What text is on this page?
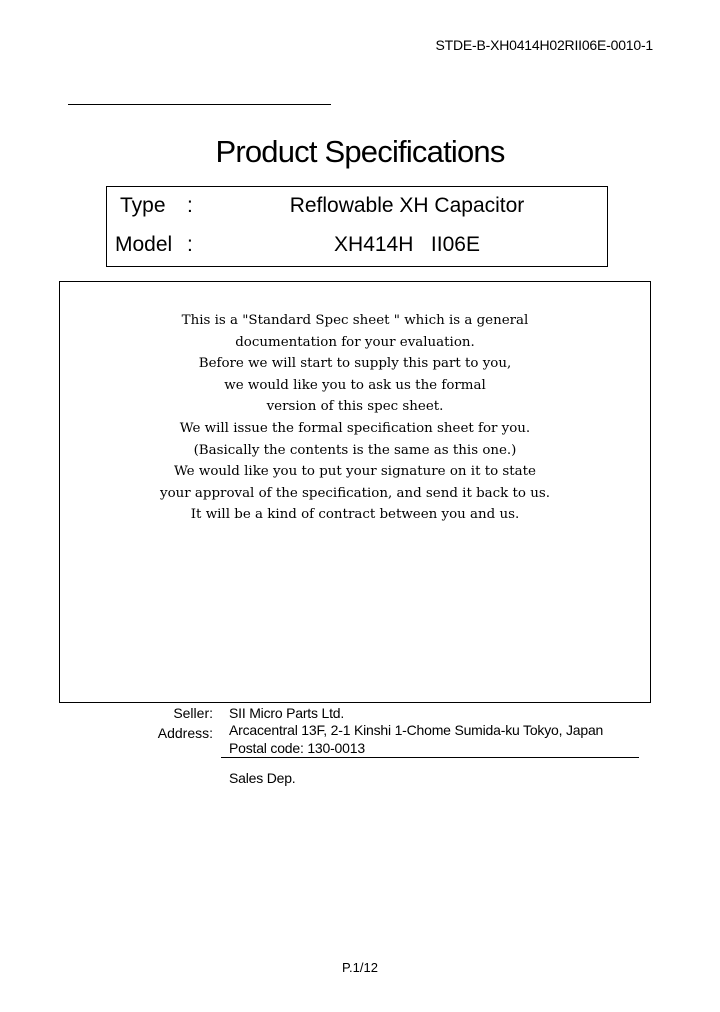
STDE-B-XH0414H02RII06E-0010-1
Product Specifications
Type :	Reflowable XH Capacitor
Model :	XH414H   II06E
This is a "Standard Spec sheet " which is a general
documentation for your evaluation.
Before we will start to supply this part to you,
we would like you to ask us the formal
version of this spec sheet.
We will issue the formal specification sheet for you.
(Basically the contents is the same as this one.)
We would like you to put your signature on it to state
your approval of the specification, and send it back to us.
It will be a kind of contract between you and us.
Seller: SII Micro Parts Ltd.
Address: Arcacentral 13F, 2-1 Kinshi 1-Chome Sumida-ku Tokyo, Japan
Postal code: 130-0013
Sales Dep.
P.1/12
